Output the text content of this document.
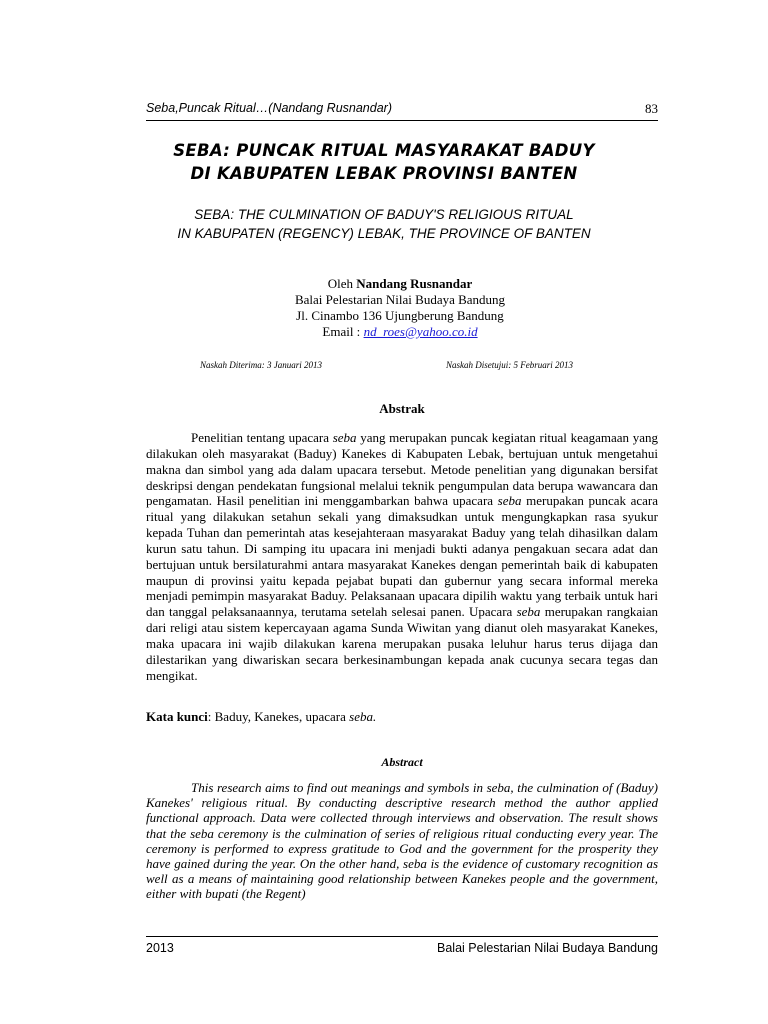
Seba,Puncak Ritual…(Nandang Rusnandar)	83
SEBA: PUNCAK RITUAL MASYARAKAT BADUY
DI KABUPATEN LEBAK PROVINSI BANTEN
SEBA: THE CULMINATION OF BADUY'S RELIGIOUS RITUAL
IN KABUPATEN (REGENCY) LEBAK, THE PROVINCE OF BANTEN
Oleh Nandang Rusnandar
Balai Pelestarian Nilai Budaya Bandung
Jl. Cinambo 136 Ujungberung Bandung
Email : nd_roes@yahoo.co.id
Naskah Diterima: 3 Januari 2013	Naskah Disetujui: 5 Februari 2013
Abstrak
Penelitian tentang upacara seba yang merupakan puncak kegiatan ritual keagamaan yang dilakukan oleh masyarakat (Baduy) Kanekes di Kabupaten Lebak, bertujuan untuk mengetahui makna dan simbol yang ada dalam upacara tersebut. Metode penelitian yang digunakan bersifat deskripsi dengan pendekatan fungsional melalui teknik pengumpulan data berupa wawancara dan pengamatan. Hasil penelitian ini menggambarkan bahwa upacara seba merupakan puncak acara ritual yang dilakukan setahun sekali yang dimaksudkan untuk mengungkapkan rasa syukur kepada Tuhan dan pemerintah atas kesejahteraan masyarakat Baduy yang telah dihasilkan dalam kurun satu tahun. Di samping itu upacara ini menjadi bukti adanya pengakuan secara adat dan bertujuan untuk bersilaturahmi antara masyarakat Kanekes dengan pemerintah baik di kabupaten maupun di provinsi yaitu kepada pejabat bupati dan gubernur yang secara informal mereka menjadi pemimpin masyarakat Baduy. Pelaksanaan upacara dipilih waktu yang terbaik untuk hari dan tanggal pelaksanaannya, terutama setelah selesai panen. Upacara seba merupakan rangkaian dari religi atau sistem kepercayaan agama Sunda Wiwitan yang dianut oleh masyarakat Kanekes, maka upacara ini wajib dilakukan karena merupakan pusaka leluhur harus terus dijaga dan dilestarikan yang diwariskan secara berkesinambungan kepada anak cucunya secara tegas dan mengikat.
Kata kunci: Baduy, Kanekes, upacara seba.
Abstract
This research aims to find out meanings and symbols in seba, the culmination of (Baduy) Kanekes' religious ritual. By conducting descriptive research method the author applied functional approach. Data were collected through interviews and observation. The result shows that the seba ceremony is the culmination of series of religious ritual conducting every year. The ceremony is performed to express gratitude to God and the government for the prosperity they have gained during the year. On the other hand, seba is the evidence of customary recognition as well as a means of maintaining good relationship between Kanekes people and the government, either with bupati (the Regent)
2013	Balai Pelestarian Nilai Budaya Bandung
